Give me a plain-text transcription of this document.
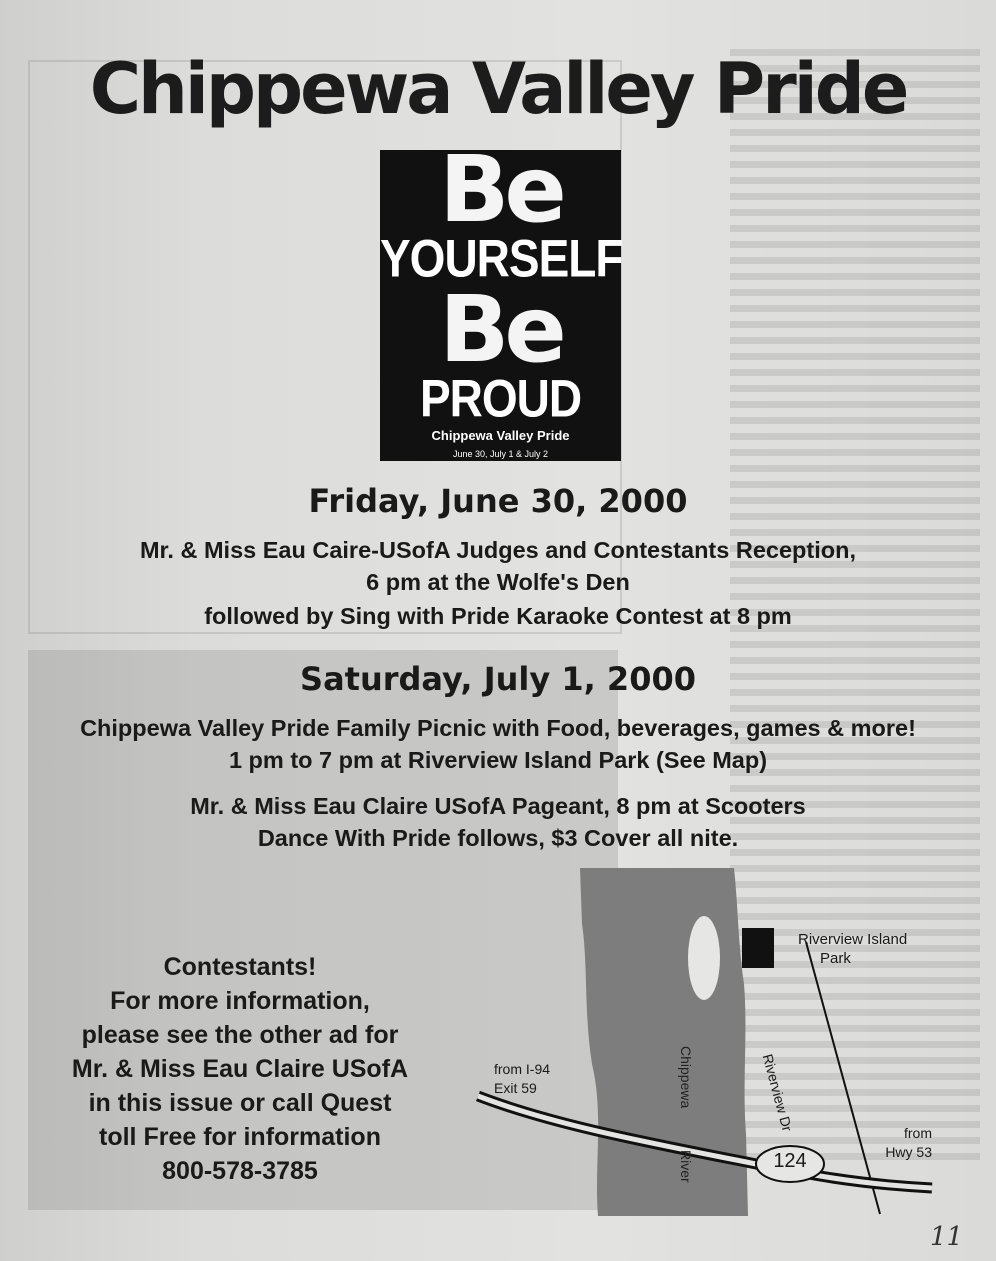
Chippewa Valley Pride
Be
YOURSELF
Be
PROUD
Chippewa Valley Pride
June 30, July 1 & July 2
Friday, June 30, 2000
Mr. & Miss Eau Caire-USofA Judges and Contestants Reception,
6 pm at the Wolfe's Den
followed by Sing with Pride Karaoke Contest at 8 pm
Saturday, July 1, 2000
Chippewa Valley Pride Family Picnic with Food, beverages, games & more!
1 pm to 7 pm at Riverview Island Park (See Map)
Mr. & Miss Eau Claire USofA Pageant, 8 pm at Scooters
Dance With Pride follows, $3 Cover all nite.
Contestants!
For more information,
please see the other ad for
Mr. & Miss Eau Claire USofA
in this issue or call Quest
toll Free for information
800-578-3785
Riverview Island
Park
Riverview Dr
Chippewa
River
from I-94
Exit 59
from
Hwy 53
124
11
